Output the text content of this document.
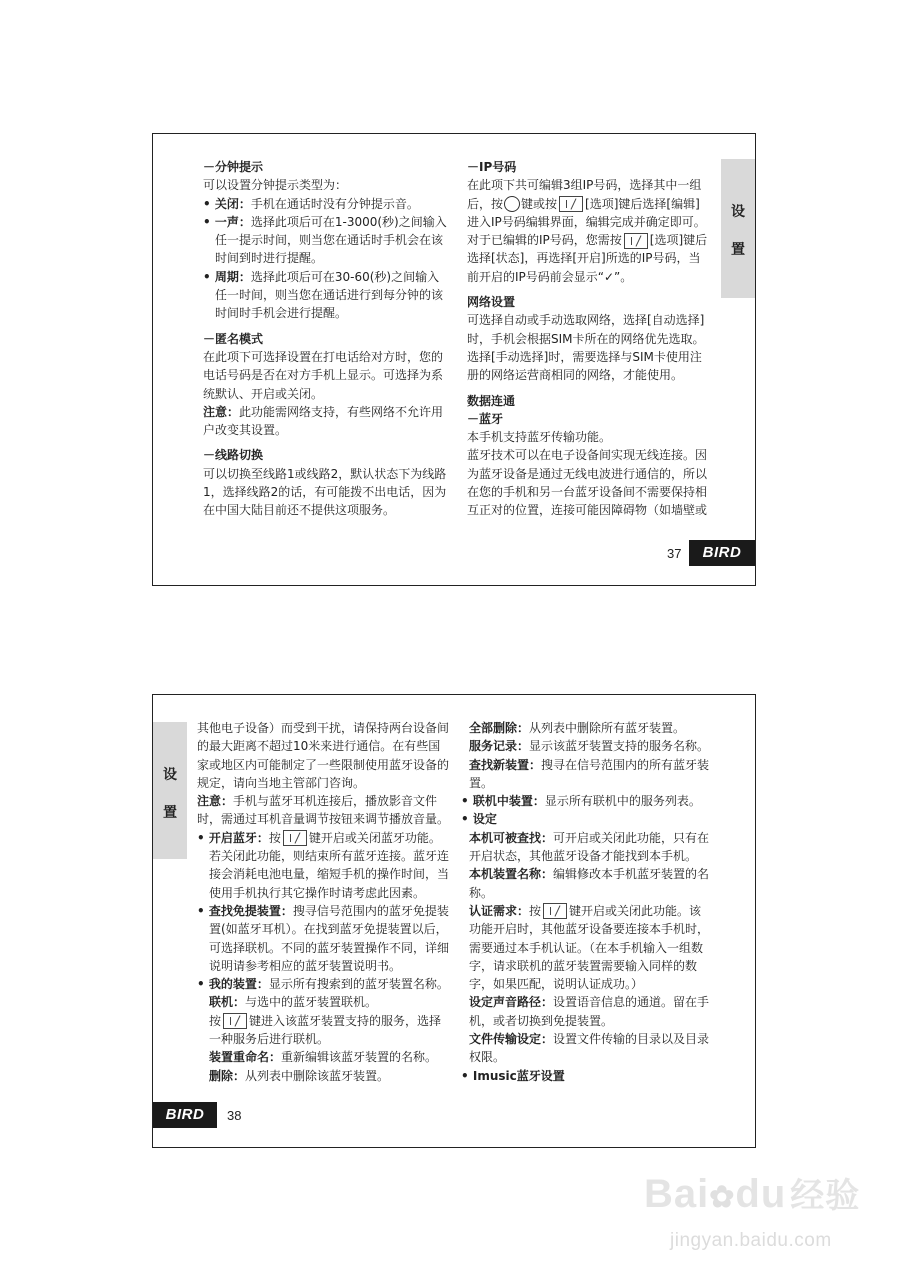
－分钟提示

可以设置分钟提示类型为：

• 关闭：手机在通话时没有分钟提示音。

• 一声：选择此项后可在1-3000(秒)之间输入任一提示时间，则当您在通话时手机会在该时间到时进行提醒。

• 周期：选择此项后可在30-60(秒)之间输入任一时间，则当您在通话进行到每分钟的该时间时手机会进行提醒。

－匿名模式

在此项下可选择设置在打电话给对方时，您的电话号码是否在对方手机上显示。可选择为系统默认、开启或关闭。

注意：此功能需网络支持，有些网络不允许用户改变其设置。

－线路切换

可以切换至线路1或线路2，默认状态下为线路1，选择线路2的话，有可能拨不出电话，因为在中国大陆目前还不提供这项服务。

－IP号码

在此项下共可编辑3组IP号码，选择其中一组后，按 键或按 [选项]键后选择[编辑]进入IP号码编辑界面，编辑完成并确定即可。对于已编辑的IP号码，您需按 [选项]键后选择[状态]，再选择[开启]所选的IP号码，当前开启的IP号码前会显示“✓”。

网络设置

可选择自动或手动选取网络，选择[自动选择]时，手机会根据SIM卡所在的网络优先选取。选择[手动选择]时，需要选择与SIM卡使用注册的网络运营商相同的网络，才能使用。

数据连通

－蓝牙

本手机支持蓝牙传输功能。

蓝牙技术可以在电子设备间实现无线连接。因为蓝牙设备是通过无线电波进行通信的，所以在您的手机和另一台蓝牙设备间不需要保持相互正对的位置，连接可能因障碍物（如墙壁或

设
置
37	BIRD
设
置

其他电子设备）而受到干扰，请保持两台设备间的最大距离不超过10米来进行通信。在有些国家或地区内可能制定了一些限制使用蓝牙设备的规定，请向当地主管部门咨询。

注意：手机与蓝牙耳机连接后，播放影音文件时，需通过耳机音量调节按钮来调节播放音量。

• 开启蓝牙：按 键开启或关闭蓝牙功能。若关闭此功能，则结束所有蓝牙连接。蓝牙连接会消耗电池电量，缩短手机的操作时间，当使用手机执行其它操作时请考虑此因素。

• 查找免提装置：搜寻信号范围内的蓝牙免提装置(如蓝牙耳机）。在找到蓝牙免提装置以后，可选择联机。不同的蓝牙装置操作不同，详细说明请参考相应的蓝牙装置说明书。

• 我的装置：显示所有搜索到的蓝牙装置名称。

联机：与选中的蓝牙装置联机。

按 键进入该蓝牙装置支持的服务，选择一种服务后进行联机。

装置重命名：重新编辑该蓝牙装置的名称。

删除：从列表中删除该蓝牙装置。

全部删除：从列表中删除所有蓝牙装置。

服务记录：显示该蓝牙装置支持的服务名称。

查找新装置：搜寻在信号范围内的所有蓝牙装置。

• 联机中装置：显示所有联机中的服务列表。

• 设定

本机可被查找：可开启或关闭此功能，只有在开启状态，其他蓝牙设备才能找到本手机。

本机装置名称：编辑修改本手机蓝牙装置的名称。

认证需求：按 键开启或关闭此功能。该功能开启时，其他蓝牙设备要连接本手机时，需要通过本手机认证。（在本手机输入一组数字，请求联机的蓝牙装置需要输入同样的数字，如果匹配，说明认证成功。）

设定声音路径：设置语音信息的通道。留在手机，或者切换到免提装置。

文件传输设定：设置文件传输的目录以及目录权限。

• Imusic蓝牙设置

BIRD	38
Bai✿du 经验
jingyan.baidu.com
